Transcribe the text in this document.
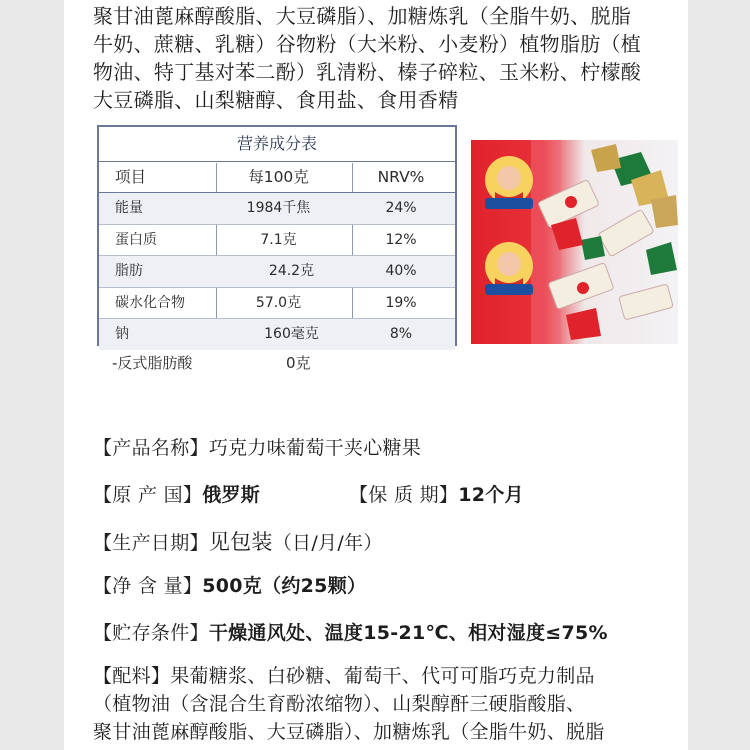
聚甘油蓖麻醇酸脂、大豆磷脂）、加糖炼乳（全脂牛奶、脱脂
牛奶、蔗糖、乳糖）谷物粉（大米粉、小麦粉）植物脂肪（植
物油、特丁基对苯二酚）乳清粉、榛子碎粒、玉米粉、柠檬酸
大豆磷脂、山梨糖醇、食用盐、食用香精
营养成分表
项目	每100克	NRV%
能量	1984千焦	24%
蛋白质	7.1克	12%
脂肪	24.2克	40%
碳水化合物	57.0克	19%
钠	160毫克	8%
-反式脂肪酸	0克
【产品名称】巧克力味葡萄干夹心糖果
【原 产 国】俄罗斯	【保 质 期】12个月
【生产日期】见包装（日/月/年）
【净 含 量】500克（约25颗）
【贮存条件】干燥通风处、温度15-21℃、相对湿度≤75%
【配料】果葡糖浆、白砂糖、葡萄干、代可可脂巧克力制品
（植物油（含混合生育酚浓缩物）、山梨醇酐三硬脂酸脂、
聚甘油蓖麻醇酸脂、大豆磷脂）、加糖炼乳（全脂牛奶、脱脂
